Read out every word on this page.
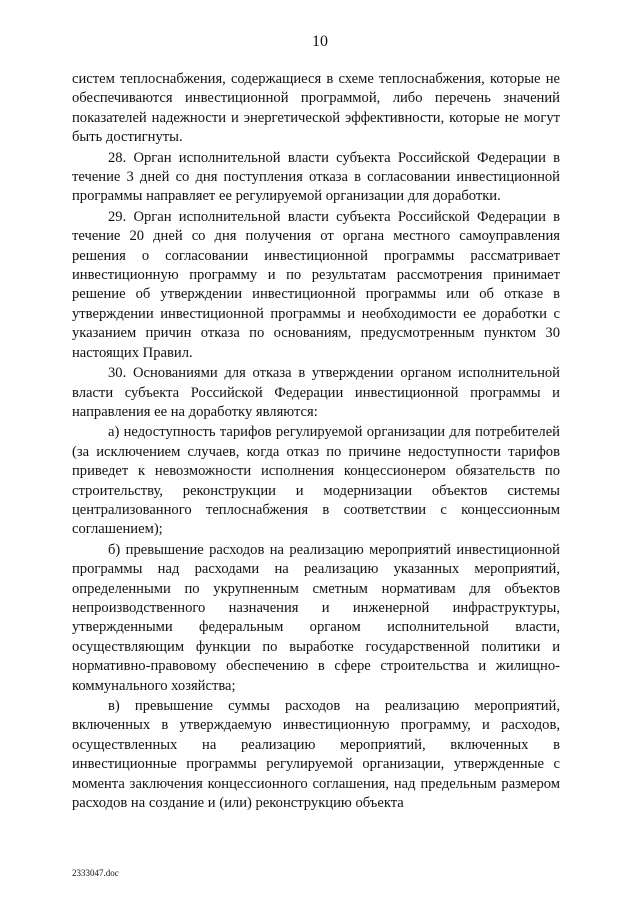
10

систем теплоснабжения, содержащиеся в схеме теплоснабжения, которые не обеспечиваются инвестиционной программой, либо перечень значений показателей надежности и энергетической эффективности, которые не могут быть достигнуты.

28. Орган исполнительной власти субъекта Российской Федерации в течение 3 дней со дня поступления отказа в согласовании инвестиционной программы направляет ее регулируемой организации для доработки.

29. Орган исполнительной власти субъекта Российской Федерации в течение 20 дней со дня получения от органа местного самоуправления решения о согласовании инвестиционной программы рассматривает инвестиционную программу и по результатам рассмотрения принимает решение об утверждении инвестиционной программы или об отказе в утверждении инвестиционной программы и необходимости ее доработки с указанием причин отказа по основаниям, предусмотренным пунктом 30 настоящих Правил.

30. Основаниями для отказа в утверждении органом исполнительной власти субъекта Российской Федерации инвестиционной программы и направления ее на доработку являются:

а) недоступность тарифов регулируемой организации для потребителей (за исключением случаев, когда отказ по причине недоступности тарифов приведет к невозможности исполнения концессионером обязательств по строительству, реконструкции и модернизации объектов системы централизованного теплоснабжения в соответствии с концессионным соглашением);

б) превышение расходов на реализацию мероприятий инвестиционной программы над расходами на реализацию указанных мероприятий, определенными по укрупненным сметным нормативам для объектов непроизводственного назначения и инженерной инфраструктуры, утвержденными федеральным органом исполнительной власти, осуществляющим функции по выработке государственной политики и нормативно-правовому обеспечению в сфере строительства и жилищно-коммунального хозяйства;

в) превышение суммы расходов на реализацию мероприятий, включенных в утверждаемую инвестиционную программу, и расходов, осуществленных на реализацию мероприятий, включенных в инвестиционные программы регулируемой организации, утвержденные с момента заключения концессионного соглашения, над предельным размером расходов на создание и (или) реконструкцию объекта

2333047.doc
